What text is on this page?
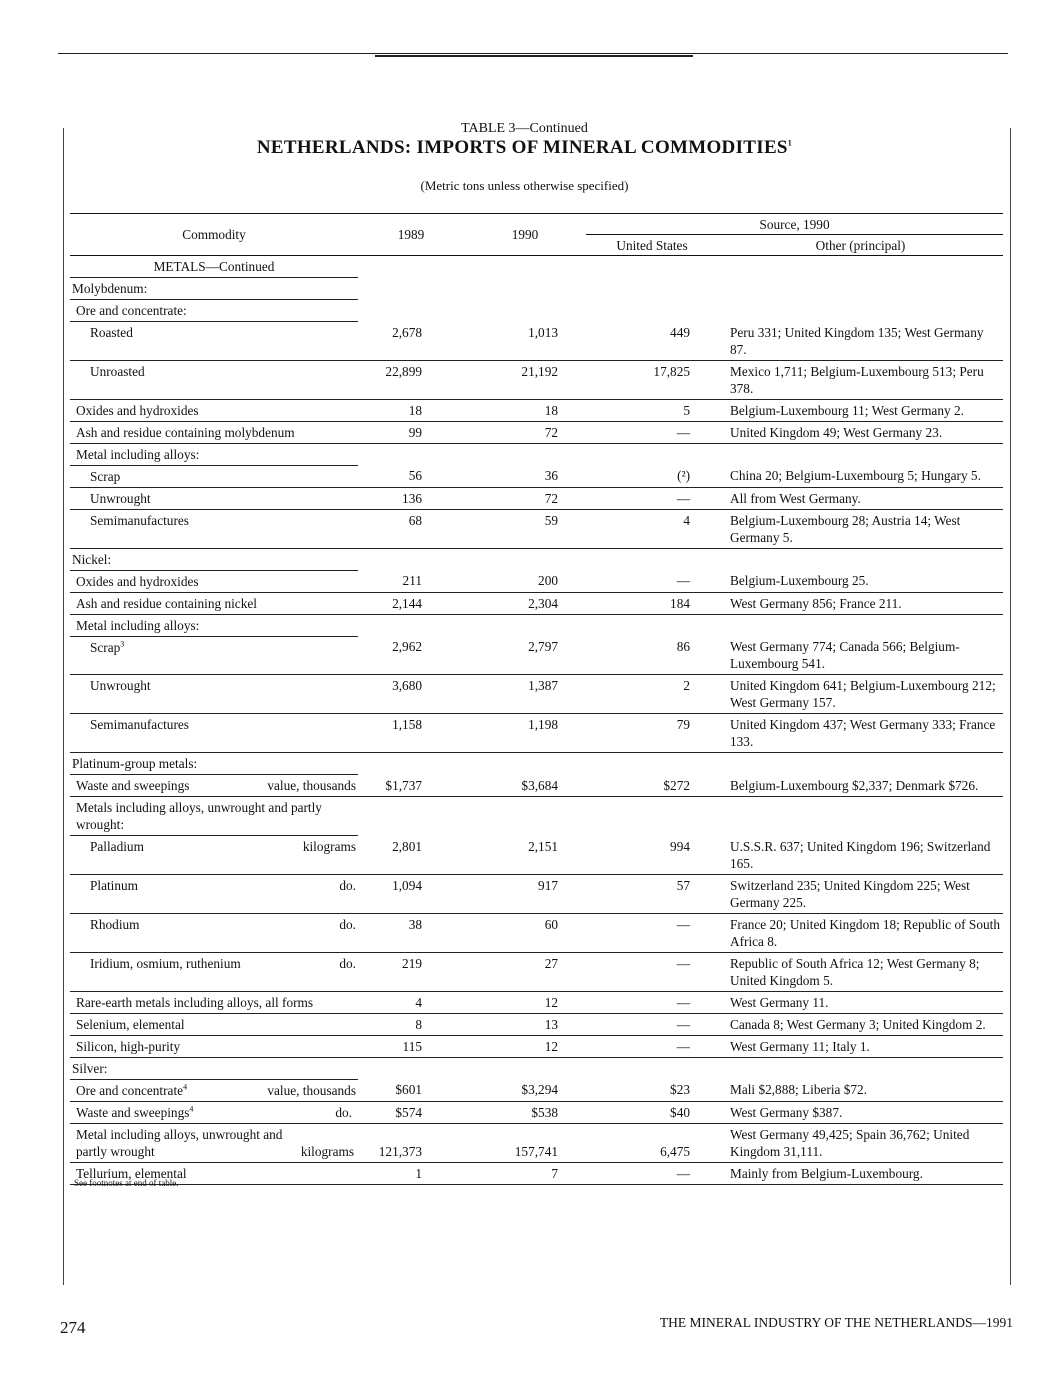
TABLE 3—Continued
NETHERLANDS: IMPORTS OF MINERAL COMMODITIES$^1$
(Metric tons unless otherwise specified)
Commodity	1989	1990	Source, 1990	
			United States	Other (principal)
METALS—Continued				
Molybdenum:				
Ore and concentrate:				
Roasted	2,678	1,013	449	Peru 331; United Kingdom 135; West Germany 87.
Unroasted	22,899	21,192	17,825	Mexico 1,711; Belgium-Luxembourg 513; Peru 378.
Oxides and hydroxides	18	18	5	Belgium-Luxembourg 11; West Germany 2.
Ash and residue containing molybdenum	99	72	—	United Kingdom 49; West Germany 23.
Metal including alloys:				
Scrap	56	36	(²)	China 20; Belgium-Luxembourg 5; Hungary 5.
Unwrought	136	72	—	All from West Germany.
Semimanufactures	68	59	4	Belgium-Luxembourg 28; Austria 14; West Germany 5.
Nickel:				
Oxides and hydroxides	211	200	—	Belgium-Luxembourg 25.
Ash and residue containing nickel	2,144	2,304	184	West Germany 856; France 211.
Metal including alloys:				
Scrap$^3$	2,962	2,797	86	West Germany 774; Canada 566; Belgium-Luxembourg 541.
Unwrought	3,680	1,387	2	United Kingdom 641; Belgium-Luxembourg 212; West Germany 157.
Semimanufactures	1,158	1,198	79	United Kingdom 437; West Germany 333; France 133.
Platinum-group metals:				
Waste and sweepings value, thousands	$1,737	$3,684	$272	Belgium-Luxembourg $2,337; Denmark $726.
Metals including alloys, unwrought and partly wrought:				
Palladium kilograms	2,801	2,151	994	U.S.S.R. 637; United Kingdom 196; Switzerland 165.
Platinum do.	1,094	917	57	Switzerland 235; United Kingdom 225; West Germany 225.
Rhodium do.	38	60	—	France 20; United Kingdom 18; Republic of South Africa 8.
Iridium, osmium, ruthenium do.	219	27	—	Republic of South Africa 12; West Germany 8; United Kingdom 5.
Rare-earth metals including alloys, all forms	4	12	—	West Germany 11.
Selenium, elemental	8	13	—	Canada 8; West Germany 3; United Kingdom 2.
Silicon, high-purity	115	12	—	West Germany 11; Italy 1.
Silver:				
Ore and concentrate$^4$ value, thousands	$601	$3,294	$23	Mali $2,888; Liberia $72.
Waste and sweepings$^4$ do.	$574	$538	$40	West Germany $387.
Metal including alloys, unwrought and partly wrought kilograms	121,373	157,741	6,475	West Germany 49,425; Spain 36,762; United Kingdom 31,111.
Tellurium, elemental	1	7	—	Mainly from Belgium-Luxembourg.
See footnotes at end of table.
274	THE MINERAL INDUSTRY OF THE NETHERLANDS—1991
